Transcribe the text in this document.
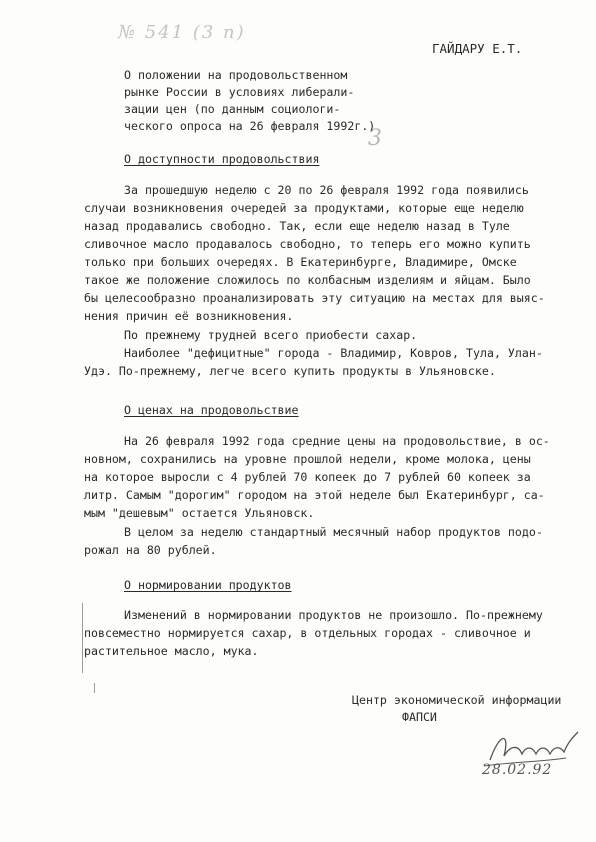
№ 541 (3 п)
ГАЙДАРУ Е.Т.
3
О положении на продовольственном
рынке России в условиях либерали-
зации цен (по данным социологи-
ческого опроса на 26 февраля 1992г.)
О доступности продовольствия
За прошедшую неделю с 20 по 26 февраля 1992 года появились
случаи возникновения очередей за продуктами, которые еще неделю
назад продавались свободно. Так, если еще неделю назад в Туле
сливочное масло продавалось свободно, то теперь его можно купить
только при больших очередях. В Екатеринбурге, Владимире, Омске
такое же положение сложилось по колбасным изделиям и яйцам. Было
бы целесообразно проанализировать эту ситуацию на местах для выяс-
нения причин её возникновения.
По прежнему трудней всего приобести сахар.
Наиболее "дефицитные" города - Владимир, Ковров, Тула, Улан-
Удэ. По-прежнему, легче всего купить продукты в Ульяновске.
О ценах на продовольствие
На 26 февраля 1992 года средние цены на продовольствие, в ос-
новном, сохранились на уровне прошлой недели, кроме молока, цены
на которое выросли с 4 рублей 70 копеек до 7 рублей 60 копеек за
литр. Самым "дорогим" городом на этой неделе был Екатеринбург, са-
мым "дешевым" остается Ульяновск.
В целом за неделю стандартный месячный набор продуктов подо-
рожал на 80 рублей.
О нормировании продуктов
Изменений в нормировании продуктов не произошло. По-прежнему
повсеместно нормируется сахар, в отдельных городах - сливочное и
растительное масло, мука.
Центр экономической информации
ФАПСИ
28.02.92
